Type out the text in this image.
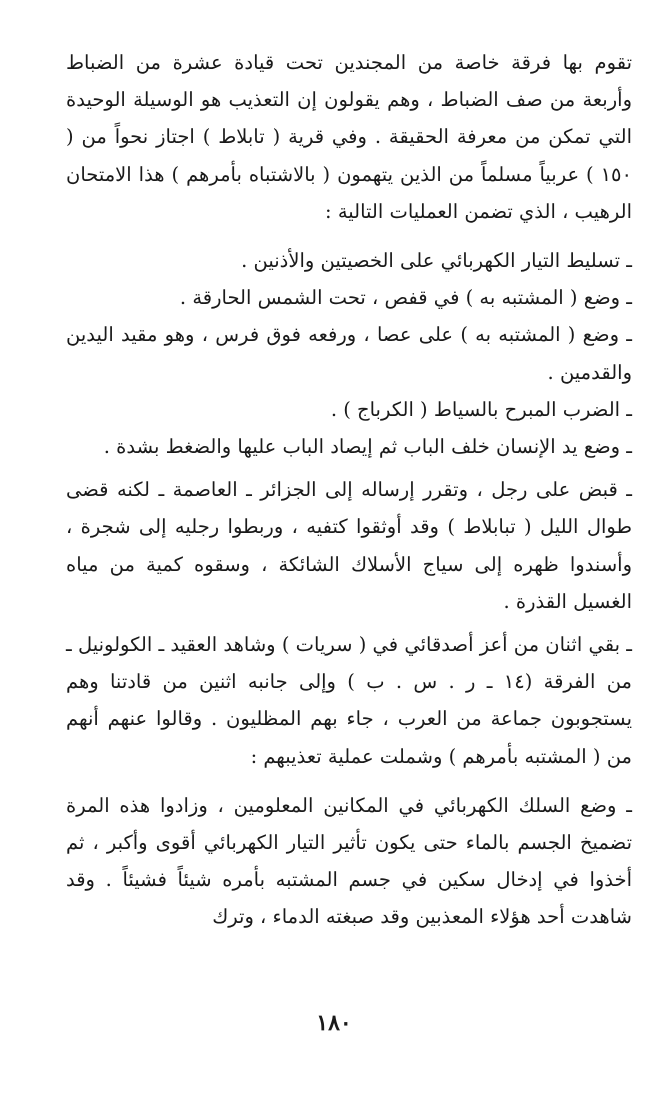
تقوم بها فرقة خاصة من المجندين تحت قيادة عشرة من الضباط وأربعة من صف الضباط ، وهم يقولون إن التعذيب هو الوسيلة الوحيدة التي تمكن من معرفة الحقيقة . وفي قرية ( تابلاط ) اجتاز نحواً من ( ١٥٠ ) عربياً مسلماً من الذين يتهمون ( بالاشتباه بأمرهم ) هذا الامتحان الرهيب ، الذي تضمن العمليات التالية :

ـ تسليط التيار الكهربائي على الخصيتين والأذنين .

ـ وضع ( المشتبه به ) في قفص ، تحت الشمس الحارقة .

ـ وضع ( المشتبه به ) على عصا ، ورفعه فوق فرس ، وهو مقيد اليدين والقدمين .

ـ الضرب المبرح بالسياط ( الكرباج ) .

ـ وضع يد الإنسان خلف الباب ثم إيصاد الباب عليها والضغط بشدة .

ـ قبض على رجل ، وتقرر إرساله إلى الجزائر ـ العاصمة ـ لكنه قضى طوال الليل ( تبابلاط ) وقد أوثقوا كتفيه ، وربطوا رجليه إلى شجرة ، وأسندوا ظهره إلى سياج الأسلاك الشائكة ، وسقوه كمية من مياه الغسيل القذرة .

ـ بقي اثنان من أعز أصدقائي في ( سريات ) وشاهد العقيد ـ الكولونيل ـ من الفرقة (١٤ ـ ر . س . ب ) وإلى جانبه اثنين من قادتنا وهم يستجوبون جماعة من العرب ، جاء بهم المظليون . وقالوا عنهم أنهم من ( المشتبه بأمرهم ) وشملت عملية تعذيبهم :

ـ وضع السلك الكهربائي في المكانين المعلومين ، وزادوا هذه المرة تضميخ الجسم بالماء حتى يكون تأثير التيار الكهربائي أقوى وأكبر ، ثم أخذوا في إدخال سكين في جسم المشتبه بأمره شيئاً فشيئاً . وقد شاهدت أحد هؤلاء المعذبين وقد صبغته الدماء ، وترك

١٨٠
